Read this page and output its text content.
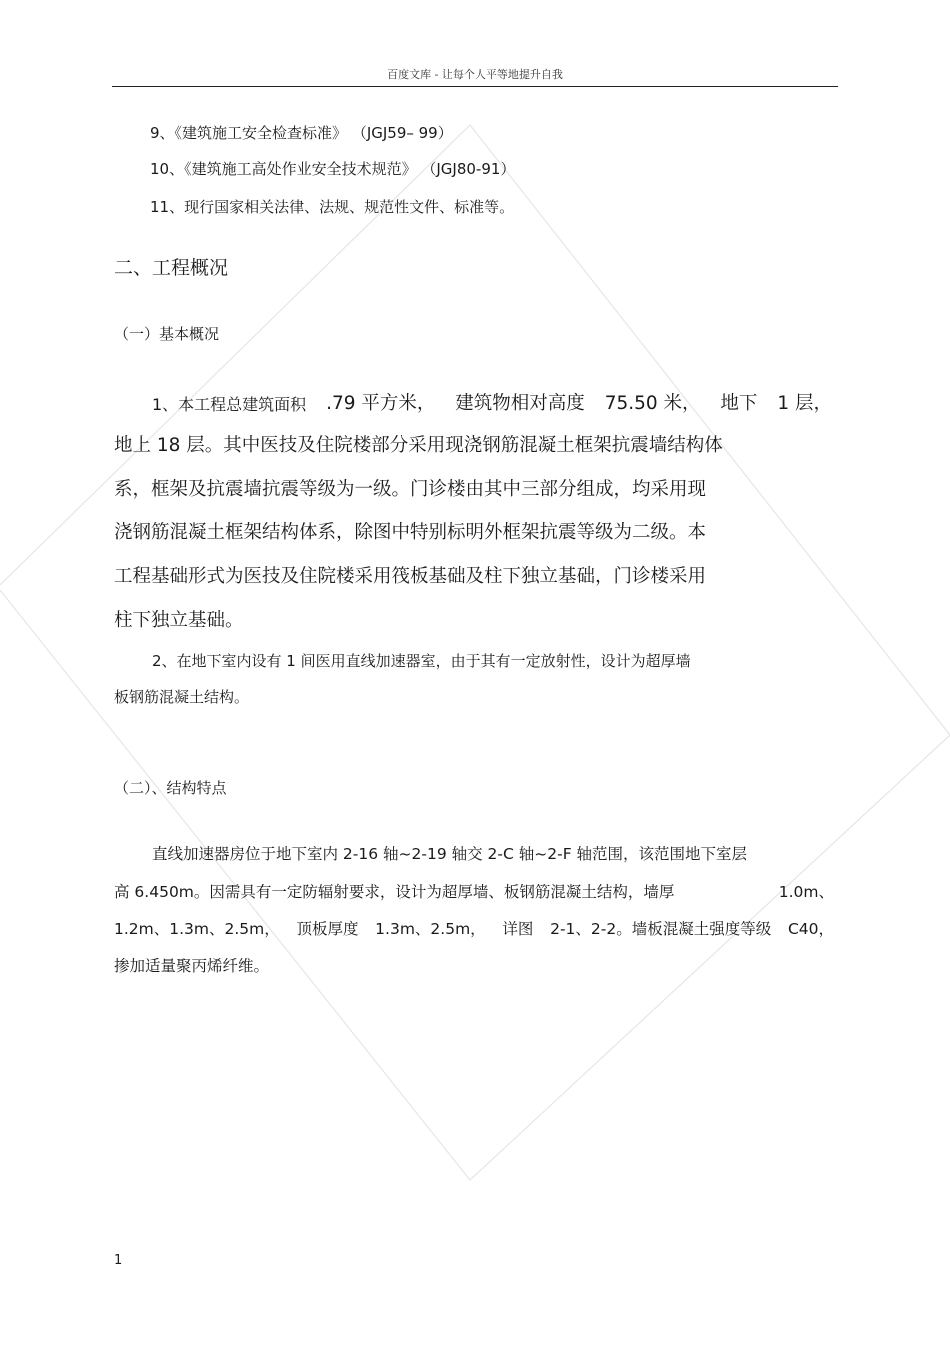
百度文库 - 让每个人平等地提升自我
9、《建筑施工安全检查标准》 （JGJ59– 99）
10、《建筑施工高处作业安全技术规范》 （JGJ80-91）
11、现行国家相关法律、法规、规范性文件、标准等。
二、工程概况
（一）基本概况
1、本工程总建筑面积 .79 平方米， 建筑物相对高度 75.50 米， 地下 1 层，
地上 18 层。其中医技及住院楼部分采用现浇钢筋混凝土框架抗震墙结构体
系，框架及抗震墙抗震等级为一级。门诊楼由其中三部分组成，均采用现
浇钢筋混凝土框架结构体系，除图中特别标明外框架抗震等级为二级。本
工程基础形式为医技及住院楼采用筏板基础及柱下独立基础，门诊楼采用
柱下独立基础。
2、在地下室内设有 1 间医用直线加速器室，由于其有一定放射性，设计为超厚墙
板钢筋混凝土结构。
（二）、结构特点
直线加速器房位于地下室内 2-16 轴~2-19 轴交 2-C 轴~2-F 轴范围，该范围地下室层
高 6.450m。因需具有一定防辐射要求，设计为超厚墙、板钢筋混凝土结构，墙厚	1.0m、
1.2m、1.3m、2.5m， 顶板厚度 1.3m、2.5m， 详图 2-1、2-2。墙板混凝土强度等级 C40，
掺加适量聚丙烯纤维。
1
